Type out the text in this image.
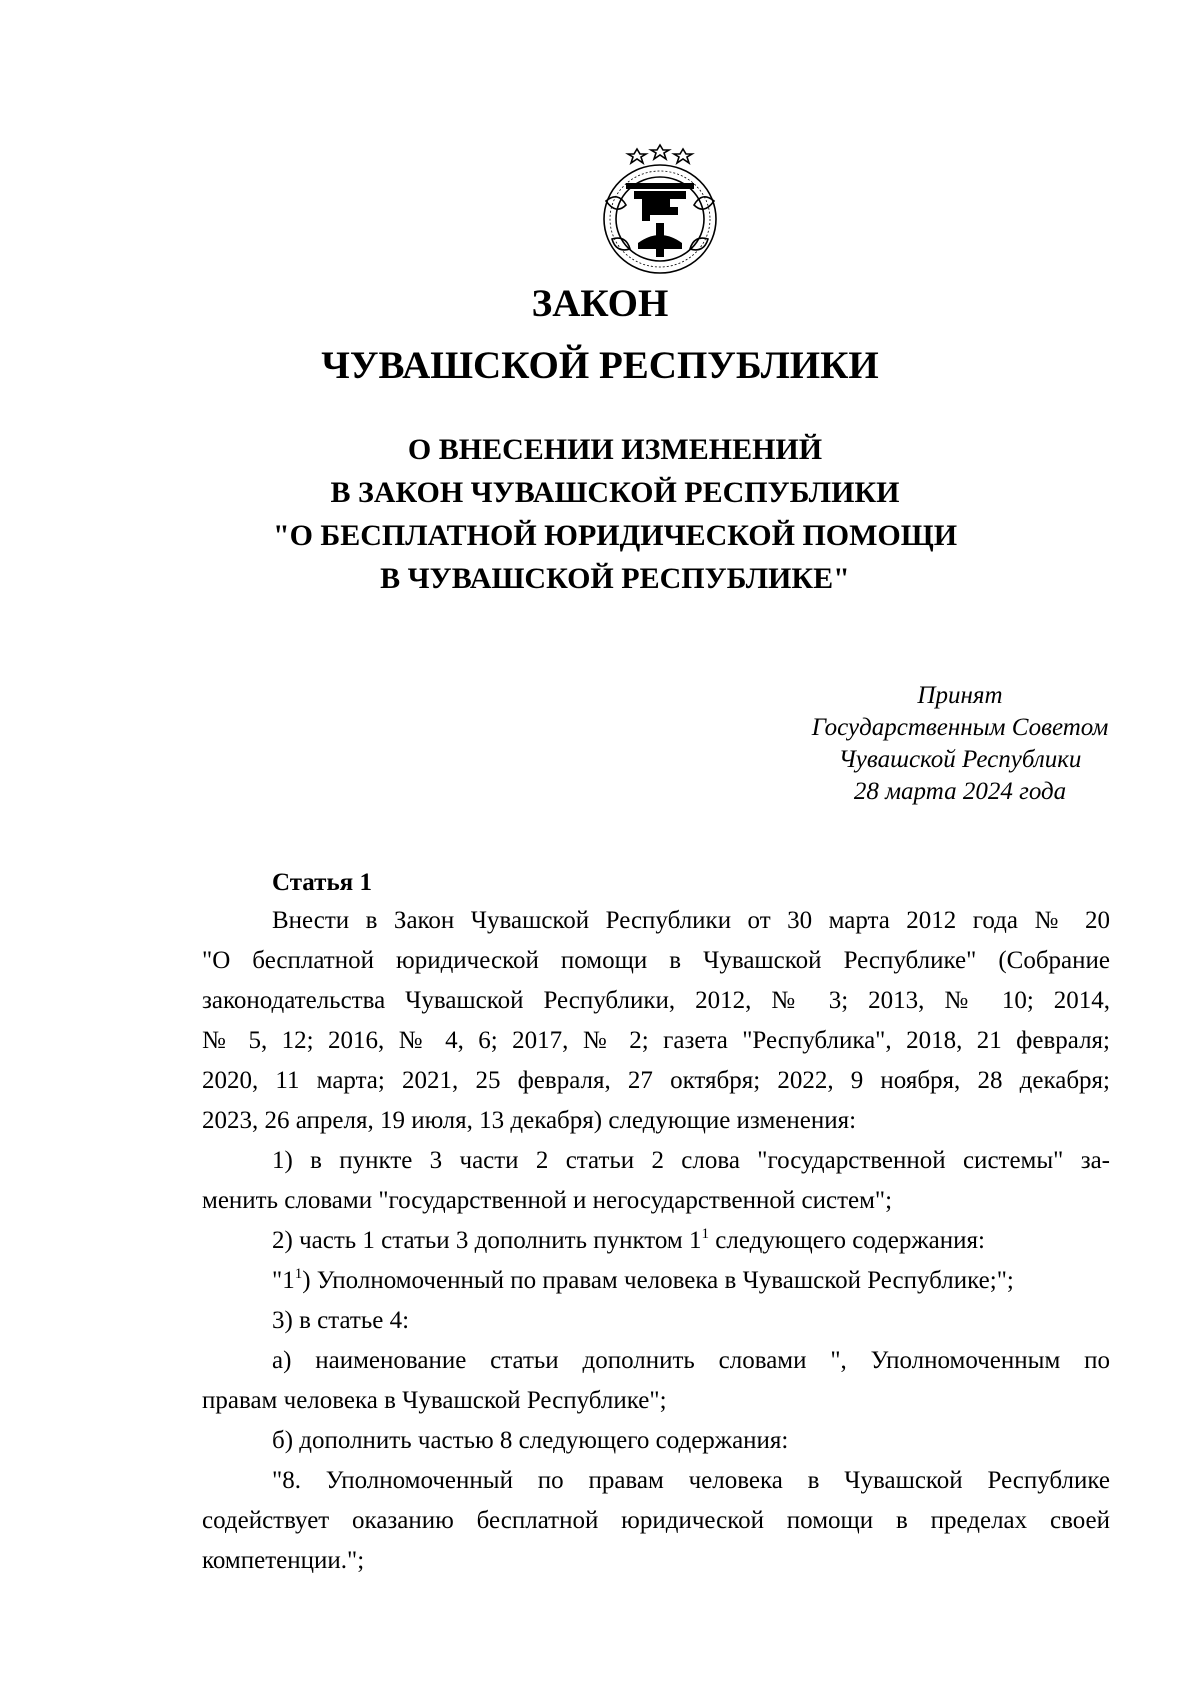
ЗАКОН
ЧУВАШСКОЙ РЕСПУБЛИКИ
О ВНЕСЕНИИ ИЗМЕНЕНИЙ
В ЗАКОН ЧУВАШСКОЙ РЕСПУБЛИКИ
"О БЕСПЛАТНОЙ ЮРИДИЧЕСКОЙ ПОМОЩИ
В ЧУВАШСКОЙ РЕСПУБЛИКЕ"
Принят
Государственным Советом
Чувашской Республики
28 марта 2024 года
Статья 1

Внести в Закон Чувашской Республики от 30 марта 2012 года № 20
"О бесплатной юридической помощи в Чувашской Республике" (Собрание
законодательства Чувашской Республики, 2012, № 3; 2013, № 10; 2014,
№ 5, 12; 2016, № 4, 6; 2017, № 2; газета "Республика", 2018, 21 февраля;
2020, 11 марта; 2021, 25 февраля, 27 октября; 2022, 9 ноября, 28 декабря;
2023, 26 апреля, 19 июля, 13 декабря) следующие изменения:

1) в пункте 3 части 2 статьи 2 слова "государственной системы" за-
менить словами "государственной и негосударственной систем";

2) часть 1 статьи 3 дополнить пунктом $1^1$ следующего содержания:

"$1^1$) Уполномоченный по правам человека в Чувашской Республике;";

3) в статье 4:

а) наименование статьи дополнить словами ", Уполномоченным по
правам человека в Чувашской Республике";

б) дополнить частью 8 следующего содержания:

"8. Уполномоченный по правам человека в Чувашской Республике
содействует оказанию бесплатной юридической помощи в пределах своей
компетенции.";
